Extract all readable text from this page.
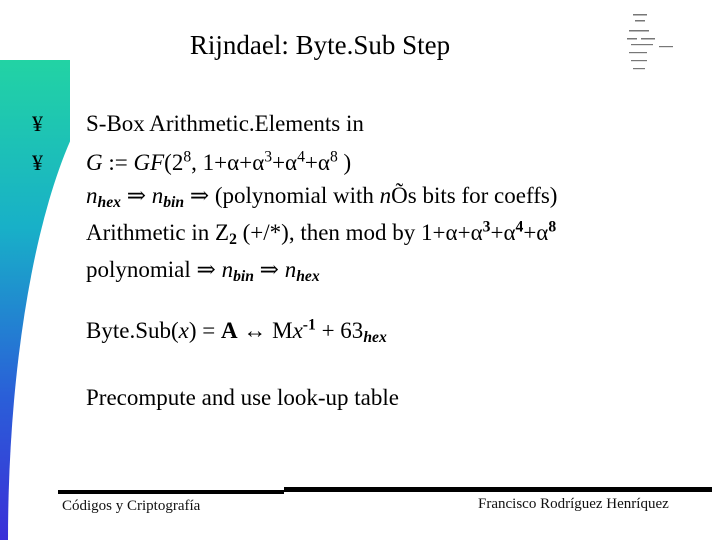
Rijndael: Byte.Sub Step
¥
¥
S-Box Arithmetic.Elements in
G := $GF(2^8$, $1+\alpha+\alpha^3+\alpha^4+\alpha^8$ )
$n_{hex}$ ⇒ $n_{bin}$ ⇒ (polynomial with nÕs bits for coeffs)
Arithmetic in $Z_2$ (+/*), then mod by $1+\alpha+\alpha^3+\alpha^4+\alpha^8$
polynomial ⇒ $n_{bin}$ ⇒ $n_{hex}$
Byte.Sub(x) = A ↔ $Mx^{-1} + 63_{hex}$
Precompute and use look-up table
Códigos y Criptografía	Francisco Rodríguez Henríquez
